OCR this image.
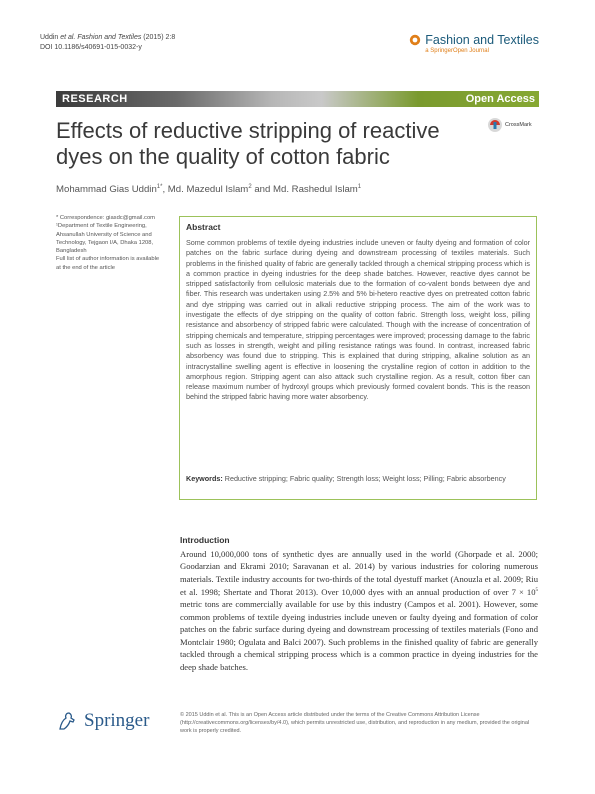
Uddin et al. Fashion and Textiles (2015) 2:8
DOI 10.1186/s40691-015-0032-y
Fashion and Textiles
a SpringerOpen Journal
RESEARCH	Open Access
Effects of reductive stripping of reactive dyes on the quality of cotton fabric
CrossMark
Mohammad Gias Uddin$^{1*}$, Md. Mazedul Islam$^2$ and Md. Rashedul Islam$^1$

* Correspondence: giasdc@gmail.com

¹Department of Textile Engineering, Ahsanullah University of Science and Technology, Tejgaon I/A, Dhaka 1208, Bangladesh

Full list of author information is available at the end of the article

Abstract
Some common problems of textile dyeing industries include uneven or faulty dyeing and formation of color patches on the fabric surface during dyeing and downstream processing of textiles materials. Such problems in the finished quality of fabric are generally tackled through a chemical stripping process which is a common practice in dyeing industries for the deep shade batches. However, reactive dyes cannot be stripped satisfactorily from cellulosic materials due to the formation of co-valent bonds between dye and fiber. This research was undertaken using 2.5% and 5% bi-hetero reactive dyes on pretreated cotton fabric and dye stripping was carried out in alkali reductive stripping process. The aim of the work was to investigate the effects of dye stripping on the quality of cotton fabric. Strength loss, weight loss, pilling resistance and absorbency of stripped fabric were calculated. Though with the increase of concentration of stripping chemicals and temperature, stripping percentages were improved; processing damage to the fabric such as losses in strength, weight and pilling resistance ratings was found. In contrast, increased fabric absorbency was found due to stripping. This is explained that during stripping, alkaline solution as an intracrystalline swelling agent is effective in loosening the crystalline region of cotton in addition to the amorphous region. Stripping agent can also attack such crystalline region. As a result, cotton fiber can release maximum number of hydroxyl groups which previously formed covalent bonds. This is the reason behind the stripped fabric having more water absorbency.
Keywords: Reductive stripping; Fabric quality; Strength loss; Weight loss; Pilling; Fabric absorbency
Introduction
Around 10,000,000 tons of synthetic dyes are annually used in the world (Ghorpade et al. 2000; Goodarzian and Ekrami 2010; Saravanan et al. 2014) by various industries for coloring numerous materials. Textile industry accounts for two-thirds of the total dyestuff market (Anouzla et al. 2009; Riu et al. 1998; Shertate and Thorat 2013). Over 10,000 dyes with an annual production of over $7 \times 10^5$ metric tons are commercially available for use by this industry (Campos et al. 2001). However, some common problems of textile dyeing industries include uneven or faulty dyeing and formation of color patches on the fabric surface during dyeing and downstream processing of textiles materials (Fono and Montclair 1980; Ogulata and Balci 2007). Such problems in the finished quality of fabric are generally tackled through a chemical stripping process which is a common practice in dyeing industries for the deep shade batches.
Springer	© 2015 Uddin et al. This is an Open Access article distributed under the terms of the Creative Commons Attribution License (http://creativecommons.org/licenses/by/4.0), which permits unrestricted use, distribution, and reproduction in any medium, provided the original work is properly credited.
